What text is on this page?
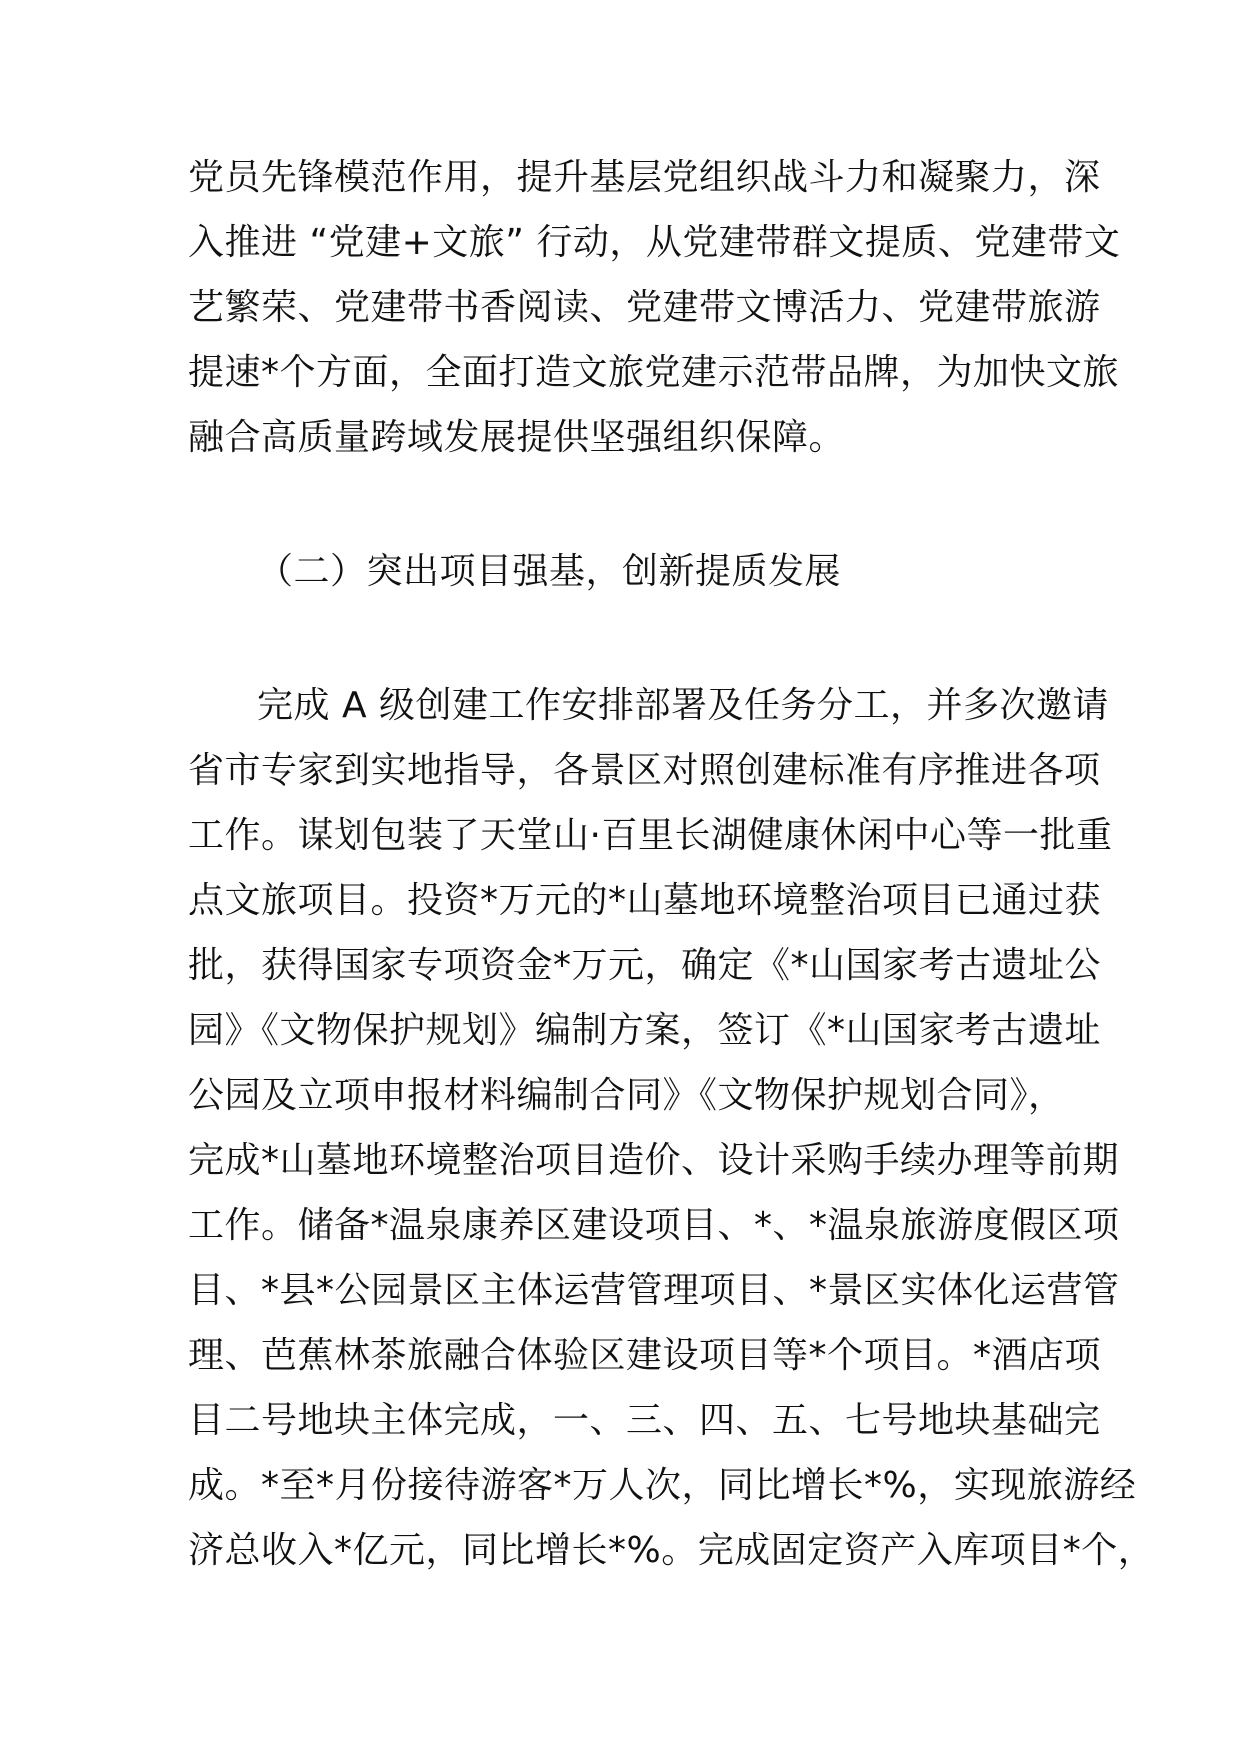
党员先锋模范作用，提升基层党组织战斗力和凝聚力，深
入推进 “党建+文旅” 行动，从党建带群文提质、党建带文
艺繁荣、党建带书香阅读、党建带文博活力、党建带旅游
提速*个方面，全面打造文旅党建示范带品牌，为加快文旅
融合高质量跨域发展提供坚强组织保障。
（二）突出项目强基，创新提质发展
完成 A 级创建工作安排部署及任务分工，并多次邀请
省市专家到实地指导，各景区对照创建标准有序推进各项
工作。谋划包装了天堂山·百里长湖健康休闲中心等一批重
点文旅项目。投资*万元的*山墓地环境整治项目已通过获
批，获得国家专项资金*万元，确定《*山国家考古遗址公
园》《文物保护规划》编制方案，签订《*山国家考古遗址
公园及立项申报材料编制合同》《文物保护规划合同》，
完成*山墓地环境整治项目造价、设计采购手续办理等前期
工作。储备*温泉康养区建设项目、*、*温泉旅游度假区项
目、*县*公园景区主体运营管理项目、*景区实体化运营管
理、芭蕉林茶旅融合体验区建设项目等*个项目。*酒店项
目二号地块主体完成，一、三、四、五、七号地块基础完
成。*至*月份接待游客*万人次，同比增长*%，实现旅游经
济总收入*亿元，同比增长*%。完成固定资产入库项目*个，
